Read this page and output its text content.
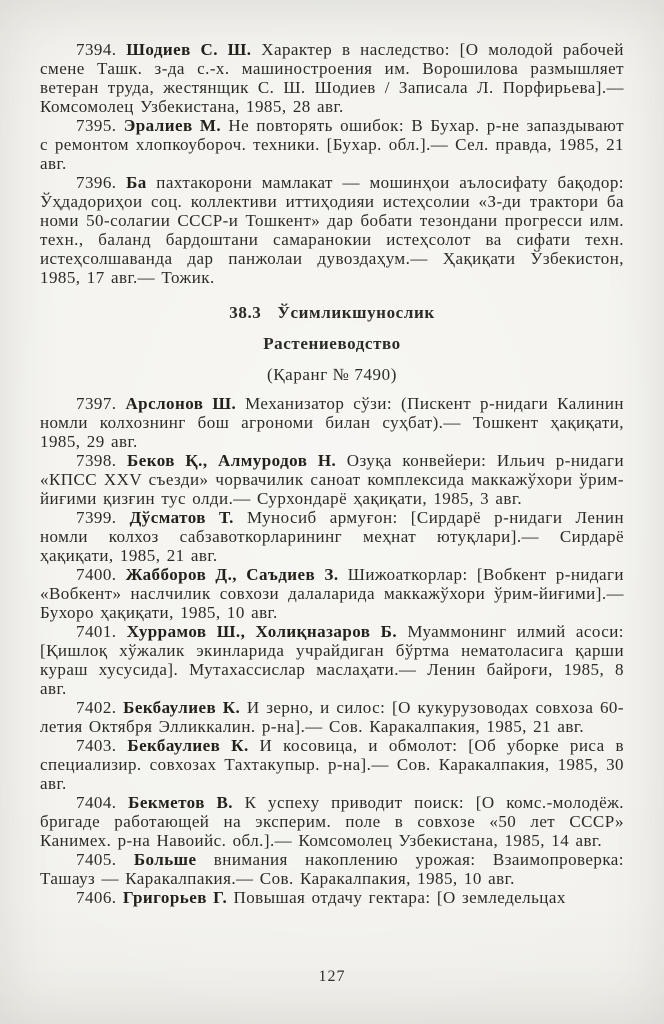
7394. Шодиев С. Ш. Характер в наследство: [О молодой рабочей смене Ташк. з-да с.-х. машиностроения им. Ворошилова размышляет ветеран труда, жестянщик С. Ш. Шодиев / Записала Л. Порфирьева].— Комсомолец Узбекистана, 1985, 28 авг.

7395. Эралиев М. Не повторять ошибок: В Бухар. р-не запаздывают с ремонтом хлопкоубороч. техники. [Бухар. обл.].— Сел. правда, 1985, 21 авг.

7396. Ба пахтакорони мамлакат — мошинҳои аълосифату бақодор: Ўҳдадориҳои соц. коллективи иттиҳодияи истеҳсолии «З-ди трактори ба номи 50-солагии СССР-и Тошкент» дар бобати тезондани прогресси илм. техн., баланд бардоштани самаранокии истеҳсолот ва сифати техн. истеҳсолшаванда дар панжолаи дувоздаҳум.— Ҳақиқати Ўзбекистон, 1985, 17 авг.— Тожик.

38.3 Ўсимликшунослик
Растениеводство
(Қаранг № 7490)

7397. Арслонов Ш. Механизатор сўзи: (Пискент р-нидаги Калинин номли колхознинг бош агрономи билан суҳбат).— Тошкент ҳақиқати, 1985, 29 авг.

7398. Беков Қ., Алмуродов Н. Озуқа конвейери: Ильич р-нидаги «КПСС XXV съезди» чорвачилик саноат комплексида маккажўхори ўрим-йиғими қизғин тус олди.— Сурхондарё ҳақиқати, 1985, 3 авг.

7399. Дўсматов Т. Муносиб армуғон: [Сирдарё р-нидаги Ленин номли колхоз сабзавоткорларининг меҳнат ютуқлари].— Сирдарё ҳақиқати, 1985, 21 авг.

7400. Жабборов Д., Саъдиев З. Шижоаткорлар: [Вобкент р-нидаги «Вобкент» наслчилик совхози далаларида маккажўхори ўрим-йиғими].— Бухоро ҳақиқати, 1985, 10 авг.

7401. Хуррамов Ш., Холиқназаров Б. Муаммонинг илмий асоси: [Қишлоқ хўжалик экинларида учрайдиган бўртма нематоласига қарши кураш хусусида]. Мутахассислар маслаҳати.— Ленин байроғи, 1985, 8 авг.

7402. Бекбаулиев К. И зерно, и силос: [О кукурузоводах совхоза 60-летия Октября Элликкалин. р-на].— Сов. Каракалпакия, 1985, 21 авг.

7403. Бекбаулиев К. И косовица, и обмолот: [Об уборке риса в специализир. совхозах Тахтакупыр. р-на].— Сов. Каракалпакия, 1985, 30 авг.

7404. Бекметов В. К успеху приводит поиск: [О комс.-молодёж. бригаде работающей на эксперим. поле в совхозе «50 лет СССР» Канимех. р-на Навоийс. обл.].— Комсомолец Узбекистана, 1985, 14 авг.

7405. Больше внимания накоплению урожая: Взаимопроверка: Ташауз — Каракалпакия.— Сов. Каракалпакия, 1985, 10 авг.

7406. Григорьев Г. Повышая отдачу гектара: [О земледельцах

127
